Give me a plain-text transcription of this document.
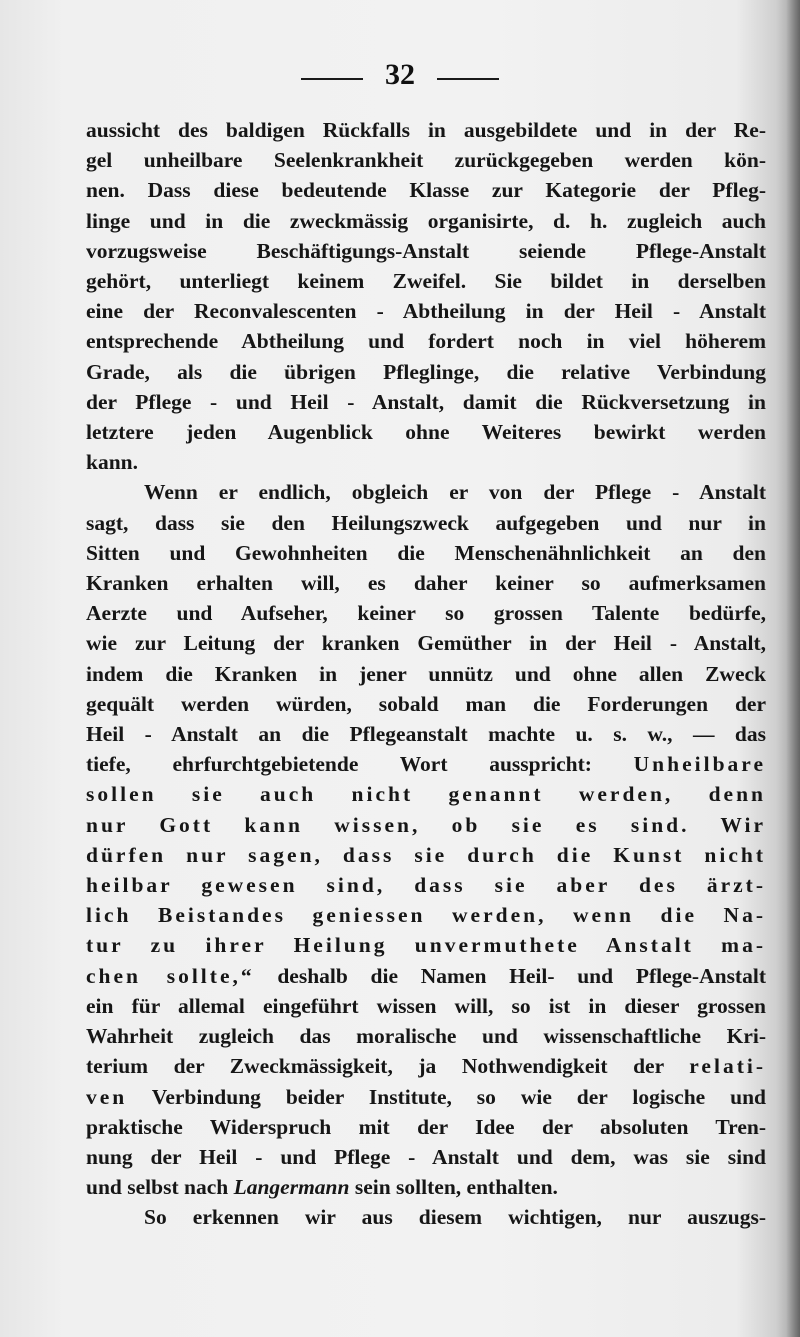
32
aussicht des baldigen Rückfalls in ausgebildete und in der Re-
gel unheilbare Seelenkrankheit zurückgegeben werden kön-
nen. Dass diese bedeutende Klasse zur Kategorie der Pfleg-
linge und in die zweckmässig organisirte, d. h. zugleich auch
vorzugsweise Beschäftigungs-Anstalt seiende Pflege-Anstalt
gehört, unterliegt keinem Zweifel. Sie bildet in derselben
eine der Reconvalescenten - Abtheilung in der Heil - Anstalt
entsprechende Abtheilung und fordert noch in viel höherem
Grade, als die übrigen Pfleglinge, die relative Verbindung
der Pflege - und Heil - Anstalt, damit die Rückversetzung in
letztere jeden Augenblick ohne Weiteres bewirkt werden
kann.
Wenn er endlich, obgleich er von der Pflege - Anstalt
sagt, dass sie den Heilungszweck aufgegeben und nur in
Sitten und Gewohnheiten die Menschenähnlichkeit an den
Kranken erhalten will, es daher keiner so aufmerksamen
Aerzte und Aufseher, keiner so grossen Talente bedürfe,
wie zur Leitung der kranken Gemüther in der Heil - Anstalt,
indem die Kranken in jener unnütz und ohne allen Zweck
gequält werden würden, sobald man die Forderungen der
Heil - Anstalt an die Pflegeanstalt machte u. s. w., — das
tiefe, ehrfurchtgebietende Wort ausspricht: Unheilbare
sollen sie auch nicht genannt werden, denn
nur Gott kann wissen, ob sie es sind. Wir
dürfen nur sagen, dass sie durch die Kunst nicht
heilbar gewesen sind, dass sie aber des ärzt-
lich Beistandes geniessen werden, wenn die Na-
tur zu ihrer Heilung unvermuthete Anstalt ma-
chen sollte,“ deshalb die Namen Heil- und Pflege-Anstalt
ein für allemal eingeführt wissen will, so ist in dieser grossen
Wahrheit zugleich das moralische und wissenschaftliche Kri-
terium der Zweckmässigkeit, ja Nothwendigkeit der relati-
ven Verbindung beider Institute, so wie der logische und
praktische Widerspruch mit der Idee der absoluten Tren-
nung der Heil - und Pflege - Anstalt und dem, was sie sind
und selbst nach Langermann sein sollten, enthalten.
So erkennen wir aus diesem wichtigen, nur auszugs-
